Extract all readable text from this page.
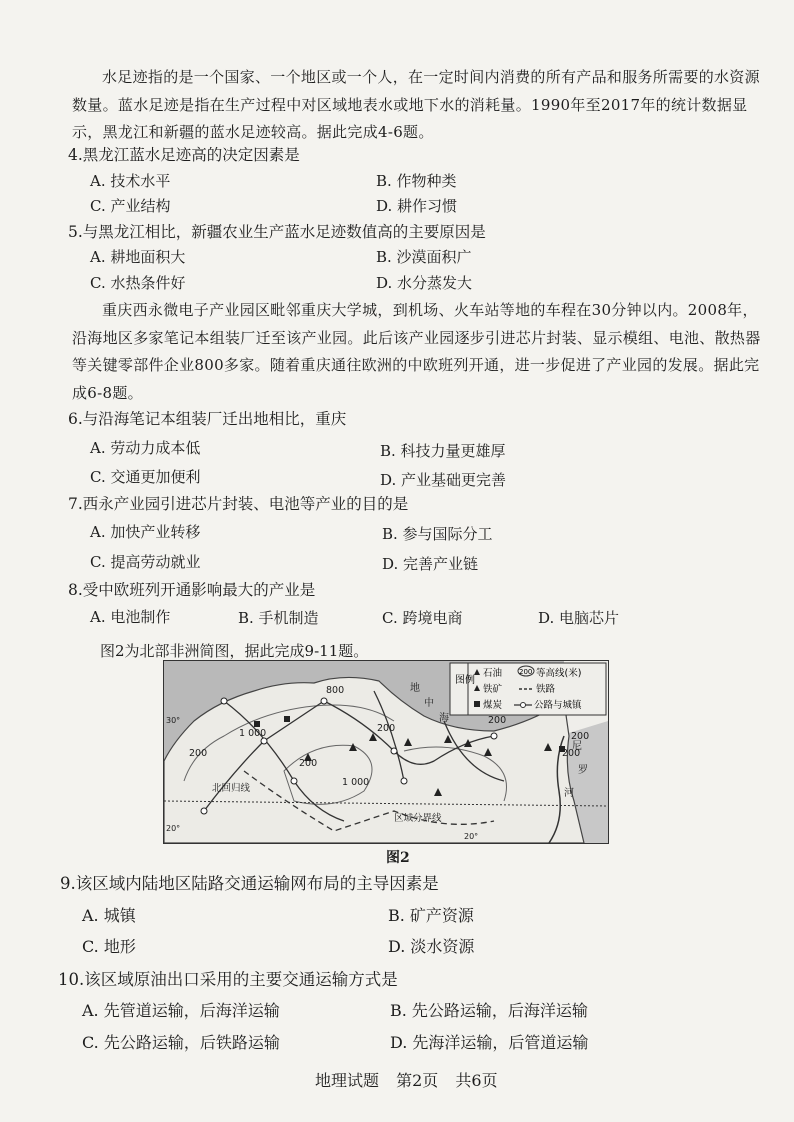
水足迹指的是一个国家、一个地区或一个人，在一定时间内消费的所有产品和服务所需要的水资源数量。蓝水足迹是指在生产过程中对区域地表水或地下水的消耗量。1990年至2017年的统计数据显示，黑龙江和新疆的蓝水足迹较高。据此完成4-6题。

4.黑龙江蓝水足迹高的决定因素是

A. 技术水平	B. 作物种类

C. 产业结构	D. 耕作习惯

5.与黑龙江相比，新疆农业生产蓝水足迹数值高的主要原因是

A. 耕地面积大	B. 沙漠面积广

C. 水热条件好	D. 水分蒸发大

重庆西永微电子产业园区毗邻重庆大学城，到机场、火车站等地的车程在30分钟以内。2008年，沿海地区多家笔记本组装厂迁至该产业园。此后该产业园逐步引进芯片封装、显示模组、电池、散热器等关键零部件企业800多家。随着重庆通往欧洲的中欧班列开通，进一步促进了产业园的发展。据此完成6-8题。

6.与沿海笔记本组装厂迁出地相比，重庆

A. 劳动力成本低	B. 科技力量更雄厚

C. 交通更加便利	D. 产业基础更完善

7.西永产业园引进芯片封装、电池等产业的目的是

A. 加快产业转移	B. 参与国际分工

C. 提高劳动就业	D. 完善产业链

8.受中欧班列开通影响最大的产业是

A. 电池制作	B. 手机制造	C. 跨境电商	D. 电脑芯片

图2为北部非洲简图，据此完成9-11题。

图例
石油 200 等高线(米)
铁矿	铁路
煤炭	公路与城镇
1 000
200
1 000
200
200
200
200
200
800	地
中
海
尼
罗
河
北回归线
区域分界线
30°
20°
20°

图2

9.该区域内陆地区陆路交通运输网布局的主导因素是

A. 城镇	B. 矿产资源

C. 地形	D. 淡水资源

10.该区域原油出口采用的主要交通运输方式是

A. 先管道运输，后海洋运输	B. 先公路运输，后海洋运输

C. 先公路运输，后铁路运输	D. 先海洋运输，后管道运输

地理试题 第2页 共6页
